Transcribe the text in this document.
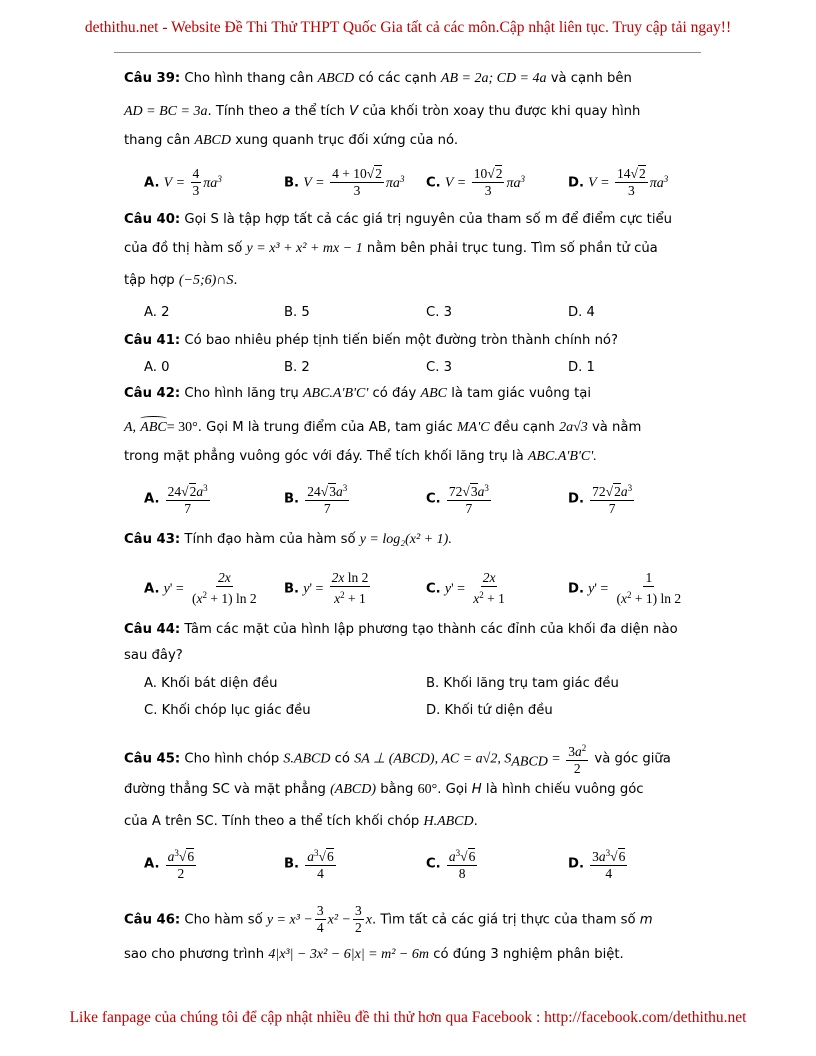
dethithu.net - Website Đề Thi Thử THPT Quốc Gia tất cả các môn.Cập nhật liên tục. Truy cập tải ngay!!
Câu 39: Cho hình thang cân ABCD có các cạnh AB = 2a; CD = 4a và cạnh bên
AD = BC = 3a. Tính theo a thể tích V của khối tròn xoay thu được khi quay hình
thang cân ABCD xung quanh trục đối xứng của nó.
A. $V = \frac{4}{3} \pi a^3$	B. $V = \frac{4 + 10√2}{3} \pi a^3$ C. $V = \frac{10√2}{3} \pi a^3$	D. $V = \frac{14√2}{3} \pi a^3$
Câu 40: Gọi S là tập hợp tất cả các giá trị nguyên của tham số m để điểm cực tiểu
của đồ thị hàm số y = x³ + x² + mx − 1 nằm bên phải trục tung. Tìm số phần tử của
tập hợp (−5;6)∩S.
A. 2	B. 5	C. 3	D. 4
Câu 41: Có bao nhiêu phép tịnh tiến biến một đường tròn thành chính nó?
A. 0	B. 2	C. 3	D. 1
Câu 42: Cho hình lăng trụ ABC.A'B'C' có đáy ABC là tam giác vuông tại
A, ABC= 30°. Gọi M là trung điểm của AB, tam giác MA'C đều cạnh 2a√3 và nằm
trong mặt phẳng vuông góc với đáy. Thể tích khối lăng trụ là ABC.A'B'C'.
A. $\frac{24√2a^3}{7}$	B. $\frac{24√3a^3}{7}$	C. $\frac{72√3a^3}{7}$	D. $\frac{72√2a^3}{7}$
Câu 43: Tính đạo hàm của hàm số y = log₂(x² + 1).
A. $y' = \frac{2x}{(x^2 + 1) \ln 2} B$. $y' = \frac{\text{2x ln 2}}{x^2 + 1}$	C. $y' = \frac{2x}{x^2 + 1}$	D. $y' = \frac{1}{(x^2 + 1) \ln 2}$
Câu 44: Tâm các mặt của hình lập phương tạo thành các đỉnh của khối đa diện nào
sau đây?
A. Khối bát diện đều	B. Khối lăng trụ tam giác đều
C. Khối chóp lục giác đều	D. Khối tứ diện đều
Câu 45: Cho hình chóp S.ABCD có SA ⊥ (ABCD), AC = a√2, $S_{ABCD} = \frac{3a^2}{2}$ và góc giữa
đường thẳng SC và mặt phẳng (ABCD) bằng 60°. Gọi H là hình chiếu vuông góc
của A trên SC. Tính theo a thể tích khối chóp H.ABCD.
A. $\frac{a^3√6}{2}$	B. $\frac{a^3√6}{4}$	C. $\frac{a^3√6}{8}$	D. $\frac{3a^3√6}{4}$
Câu 46: Cho hàm số $y = x^3 - \frac{3}{4} x^2 - \frac{3}{2} x$. Tìm tất cả các giá trị thực của tham số m
sao cho phương trình 4|x³| − 3x² − 6|x| = m² − 6m có đúng 3 nghiệm phân biệt.
Like fanpage của chúng tôi để cập nhật nhiều đề thi thử hơn qua Facebook : http://facebook.com/dethithu.net
